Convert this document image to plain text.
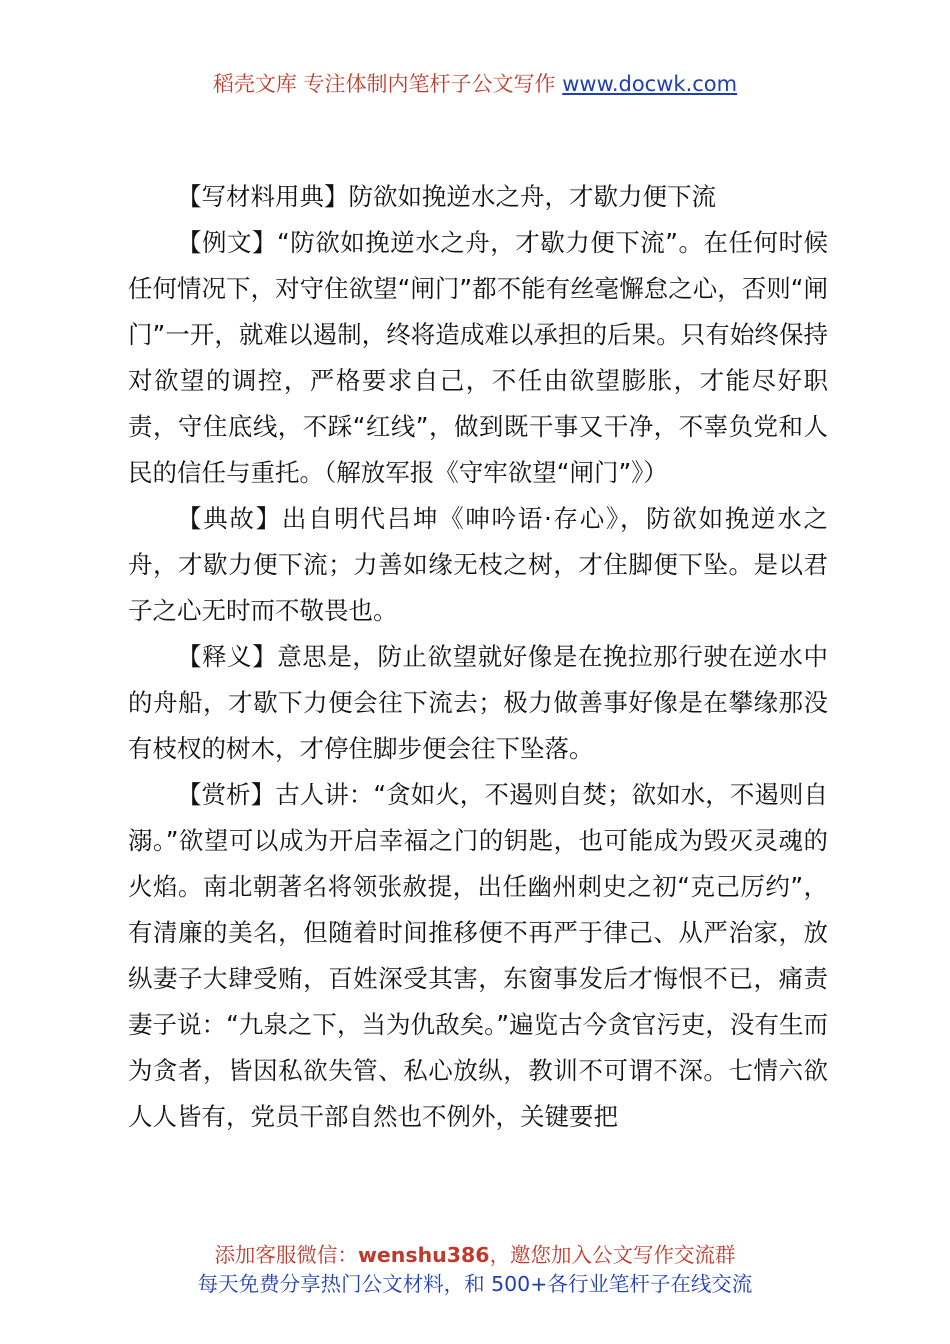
稻壳文库 专注体制内笔杆子公文写作 www.docwk.com

【写材料用典】防欲如挽逆水之舟，才歇力便下流

【例文】“防欲如挽逆水之舟，才歇力便下流”。在任何时候任何情况下，对守住欲望“闸门”都不能有丝毫懈怠之心，否则“闸门”一开，就难以遏制，终将造成难以承担的后果。只有始终保持对欲望的调控，严格要求自己，不任由欲望膨胀，才能尽好职责，守住底线，不踩“红线”，做到既干事又干净，不辜负党和人民的信任与重托。（解放军报《守牢欲望“闸门”》）

【典故】出自明代吕坤《呻吟语·存心》，防欲如挽逆水之舟，才歇力便下流；力善如缘无枝之树，才住脚便下坠。是以君子之心无时而不敬畏也。

【释义】意思是，防止欲望就好像是在挽拉那行驶在逆水中的舟船，才歇下力便会往下流去；极力做善事好像是在攀缘那没有枝杈的树木，才停住脚步便会往下坠落。

【赏析】古人讲：“贪如火，不遏则自焚；欲如水，不遏则自溺。”欲望可以成为开启幸福之门的钥匙，也可能成为毁灭灵魂的火焰。南北朝著名将领张赦提，出任幽州刺史之初“克己厉约”，有清廉的美名，但随着时间推移便不再严于律己、从严治家，放纵妻子大肆受贿，百姓深受其害，东窗事发后才悔恨不已，痛责妻子说：“九泉之下，当为仇敌矣。”遍览古今贪官污吏，没有生而为贪者，皆因私欲失管、私心放纵，教训不可谓不深。七情六欲人人皆有，党员干部自然也不例外，关键要把

添加客服微信：wenshu386，邀您加入公文写作交流群
每天免费分享热门公文材料，和 500+各行业笔杆子在线交流
